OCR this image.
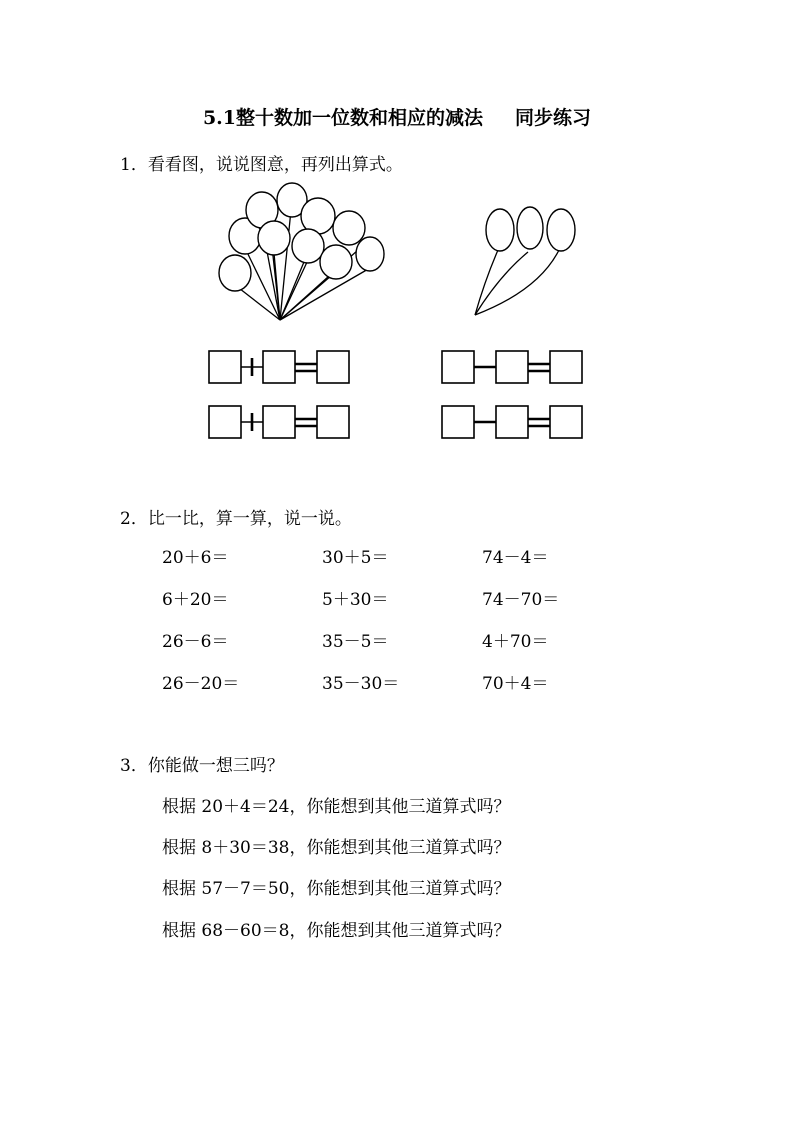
5.1整十数加一位数和相应的减法 同步练习
1．看看图，说说图意，再列出算式。
2．比一比，算一算，说一说。
20＋6＝	30＋5＝	74－4＝
6＋20＝	5＋30＝	74－70＝
26－6＝	35－5＝	4＋70＝
26－20＝	35－30＝	70＋4＝
3．你能做一想三吗？
根据 20＋4＝24，你能想到其他三道算式吗？
根据 8＋30＝38，你能想到其他三道算式吗？
根据 57－7＝50，你能想到其他三道算式吗？
根据 68－60＝8，你能想到其他三道算式吗？
